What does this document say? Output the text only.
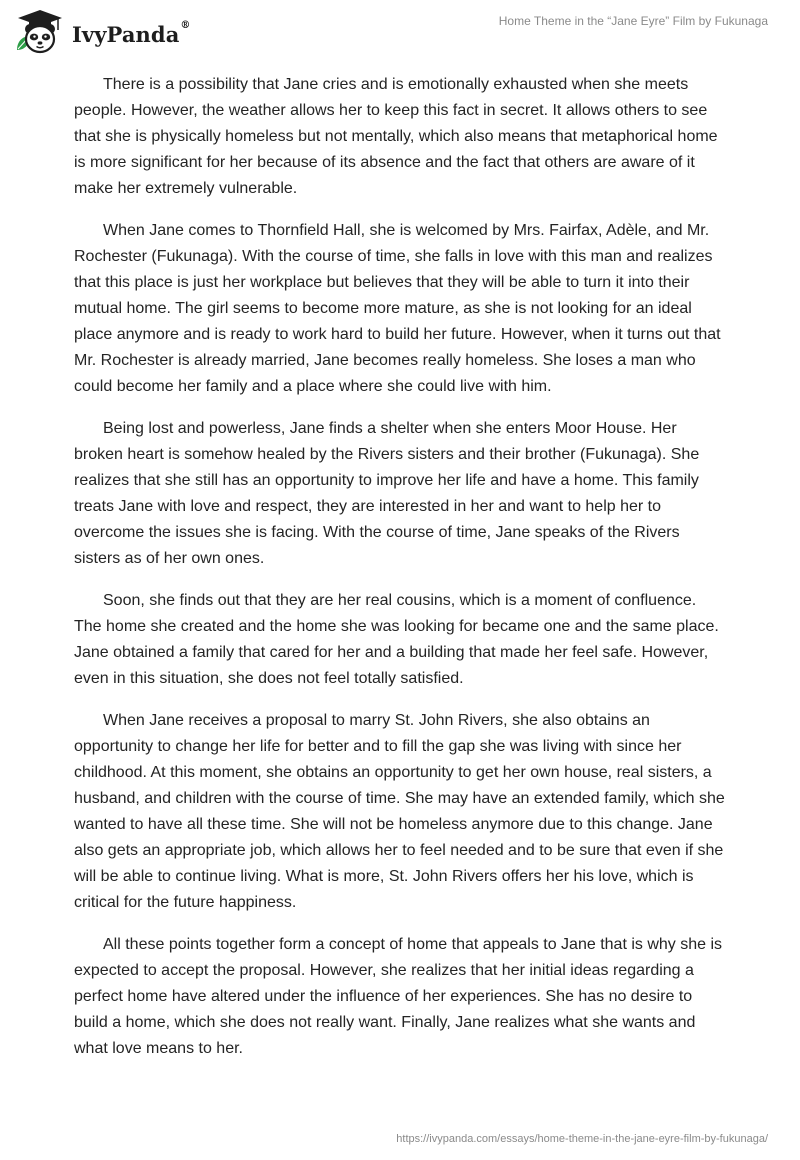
IvyPanda®	Home Theme in the “Jane Eyre” Film by Fukunaga

There is a possibility that Jane cries and is emotionally exhausted when she meets people. However, the weather allows her to keep this fact in secret. It allows others to see that she is physically homeless but not mentally, which also means that metaphorical home is more significant for her because of its absence and the fact that others are aware of it make her extremely vulnerable.

When Jane comes to Thornfield Hall, she is welcomed by Mrs. Fairfax, Adèle, and Mr. Rochester (Fukunaga). With the course of time, she falls in love with this man and realizes that this place is just her workplace but believes that they will be able to turn it into their mutual home. The girl seems to become more mature, as she is not looking for an ideal place anymore and is ready to work hard to build her future. However, when it turns out that Mr. Rochester is already married, Jane becomes really homeless. She loses a man who could become her family and a place where she could live with him.

Being lost and powerless, Jane finds a shelter when she enters Moor House. Her broken heart is somehow healed by the Rivers sisters and their brother (Fukunaga). She realizes that she still has an opportunity to improve her life and have a home. This family treats Jane with love and respect, they are interested in her and want to help her to overcome the issues she is facing. With the course of time, Jane speaks of the Rivers sisters as of her own ones.

Soon, she finds out that they are her real cousins, which is a moment of confluence. The home she created and the home she was looking for became one and the same place. Jane obtained a family that cared for her and a building that made her feel safe. However, even in this situation, she does not feel totally satisfied.

When Jane receives a proposal to marry St. John Rivers, she also obtains an opportunity to change her life for better and to fill the gap she was living with since her childhood. At this moment, she obtains an opportunity to get her own house, real sisters, a husband, and children with the course of time. She may have an extended family, which she wanted to have all these time. She will not be homeless anymore due to this change. Jane also gets an appropriate job, which allows her to feel needed and to be sure that even if she will be able to continue living. What is more, St. John Rivers offers her his love, which is critical for the future happiness.

All these points together form a concept of home that appeals to Jane that is why she is expected to accept the proposal. However, she realizes that her initial ideas regarding a perfect home have altered under the influence of her experiences. She has no desire to build a home, which she does not really want. Finally, Jane realizes what she wants and what love means to her.

https://ivypanda.com/essays/home-theme-in-the-jane-eyre-film-by-fukunaga/
